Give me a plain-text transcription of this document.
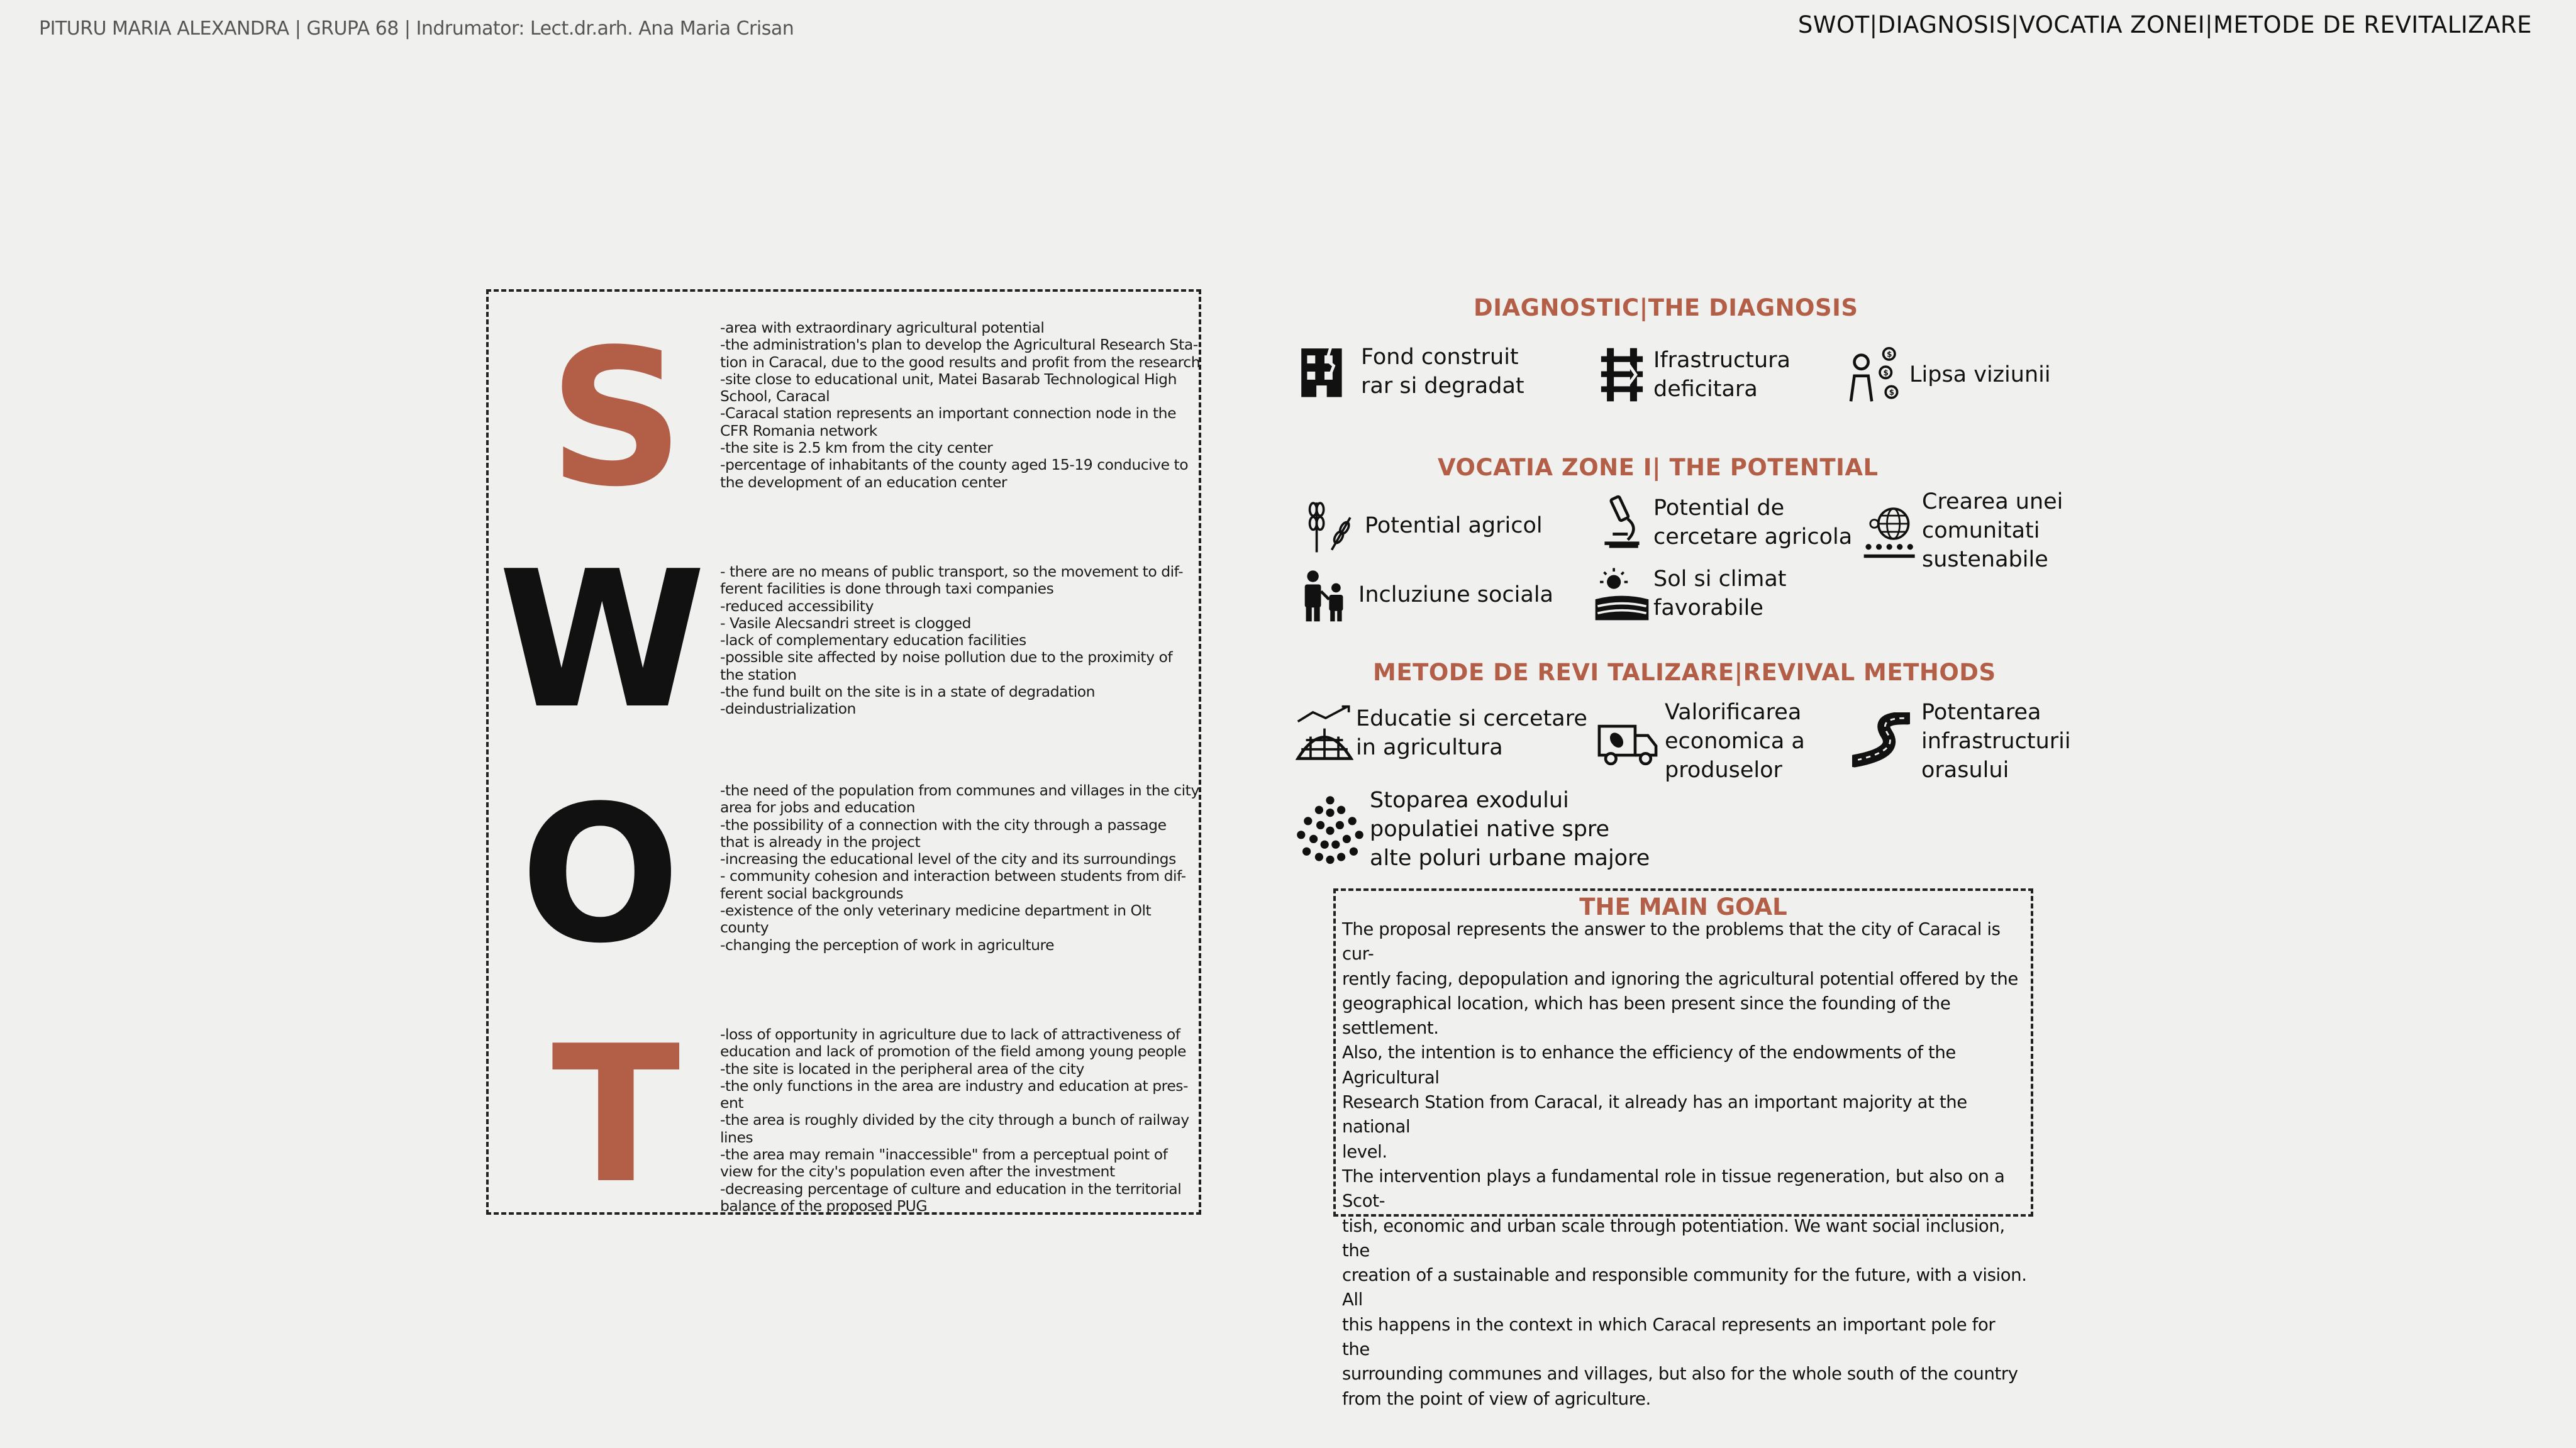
PITURU MARIA ALEXANDRA | GRUPA 68 | Indrumator: Lect.dr.arh. Ana Maria Crisan	SWOT|DIAGNOSIS|VOCATIA ZONEI|METODE DE REVITALIZARE
S
W
O
T
-area with extraordinary agricultural potential
-the administration's plan to develop the Agricultural Research Sta-
tion in Caracal, due to the good results and profit from the research
-site close to educational unit, Matei Basarab Technological High
School, Caracal
-Caracal station represents an important connection node in the
CFR Romania network
-the site is 2.5 km from the city center
-percentage of inhabitants of the county aged 15-19 conducive to
the development of an education center
- there are no means of public transport, so the movement to dif-
ferent facilities is done through taxi companies
-reduced accessibility
- Vasile Alecsandri street is clogged
-lack of complementary education facilities
-possible site affected by noise pollution due to the proximity of
the station
-the fund built on the site is in a state of degradation
-deindustrialization
-the need of the population from communes and villages in the city
area for jobs and education
-the possibility of a connection with the city through a passage
that is already in the project
-increasing the educational level of the city and its surroundings
- community cohesion and interaction between students from dif-
ferent social backgrounds
-existence of the only veterinary medicine department in Olt
county
-changing the perception of work in agriculture
-loss of opportunity in agriculture due to lack of attractiveness of
education and lack of promotion of the field among young people
-the site is located in the peripheral area of the city
-the only functions in the area are industry and education at pres-
ent
-the area is roughly divided by the city through a bunch of railway
lines
-the area may remain "inaccessible" from a perceptual point of
view for the city's population even after the investment
-decreasing percentage of culture and education in the territorial
balance of the proposed PUG
DIAGNOSTIC|THE DIAGNOSIS
Fond construit
rar si degradat
Ifrastructura
deficitara
$
$
$
Lipsa viziunii
VOCATIA ZONE I| THE POTENTIAL
Potential agricol
Potential de
cercetare agricola
Crearea unei
comunitati
sustenabile
Incluziune sociala
Sol si climat
favorabile
METODE DE REVI TALIZARE|REVIVAL METHODS
Educatie si cercetare
in agricultura
Valorificarea
economica a
produselor
Potentarea
infrastructurii
orasului
Stoparea exodului
populatiei native spre
alte poluri urbane majore
THE MAIN GOAL
The proposal represents the answer to the problems that the city of Caracal is cur-
rently facing, depopulation and ignoring the agricultural potential offered by the
geographical location, which has been present since the founding of the settlement.
Also, the intention is to enhance the efficiency of the endowments of the Agricultural
Research Station from Caracal, it already has an important majority at the national
level.
The intervention plays a fundamental role in tissue regeneration, but also on a Scot-
tish, economic and urban scale through potentiation. We want social inclusion, the
creation of a sustainable and responsible community for the future, with a vision. All
this happens in the context in which Caracal represents an important pole for the
surrounding communes and villages, but also for the whole south of the country
from the point of view of agriculture.
